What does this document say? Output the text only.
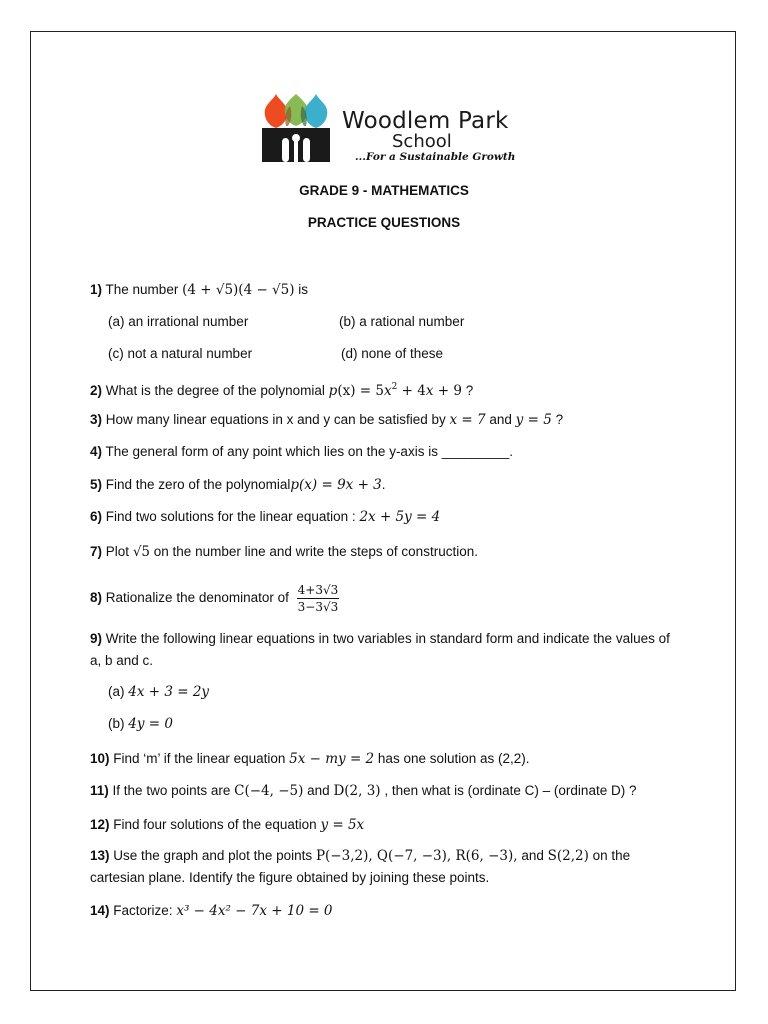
Woodlem Park
School
...For a Sustainable Growth
GRADE 9 - MATHEMATICS
PRACTICE QUESTIONS
1) The number (4 + √5)(4 − √5) is
(a) an irrational number	(b) a rational number
(c) not a natural number	(d) none of these
2) What is the degree of the polynomial $p(x) = 5x^2 + 4x + 9$ ?
3) How many linear equations in x and y can be satisfied by x = 7 and y = 5 ?
4) The general form of any point which lies on the y-axis is _________.
5) Find the zero of the polynomialp(x) = 9x + 3.
6) Find two solutions for the linear equation : 2x + 5y = 4
7) Plot √5 on the number line and write the steps of construction.
8) Rationalize the denominator of $\frac{4+3√3}{3-3√3}$
9) Write the following linear equations in two variables in standard form and indicate the values of a, b and c.
(a) 4x + 3 = 2y
(b) 4y = 0
10) Find ‘m’ if the linear equation 5x − my = 2 has one solution as (2,2).
11) If the two points are C(−4, −5) and D(2, 3) , then what is (ordinate C) – (ordinate D) ?
12) Find four solutions of the equation y = 5x
13) Use the graph and plot the points P(−3,2), Q(−7, −3), R(6, −3), and S(2,2) on the cartesian plane. Identify the figure obtained by joining these points.
14) Factorize: x³ − 4x² − 7x + 10 = 0
